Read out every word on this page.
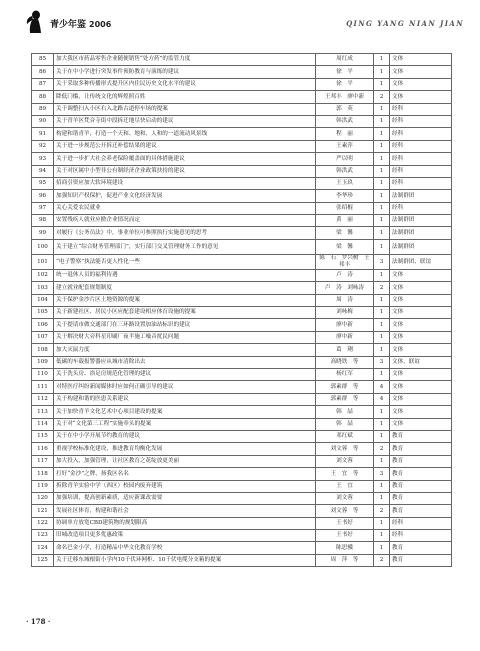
青少年鉴 2006	QING YANG NIAN JIAN
85	加大我区市药品零售企业随便销售“处方药”的监管力度	周红成	1	文体
86	关于在中小学进行突发事件预防教育与演练的建议	徐　平	1	文体
87	关于采取多种传播形式提升区内住民历史文化水平的建议	徐　平	1	文体
88	降低门槛，让传统文化的辉煌照百姓	王邦丰　廖中新	2	文体
89	关于调整扫入小区右入北路古道停车场的提案	郭　英	1	经科
90	关于青羊区梵音寺街中段拆迁地尽快启动的建议	韩洪武	1	经科
91	构建和谐青羊，打造一个天和、地和、人和的一道流动风景线	程　丽	1	经科
92	关于进一步规范公开拆迁补偿结果的建议	王素萍	1	经科
93	关于进一步扩大社会养老保险覆盖面的具体措施建议	严以明	1	经科
94	关于对区属中小型非公有制经济企业政策扶持的建议	韩洪武	1	经科
95	招商引资应加大软环境建设	王玉玖	1	经科
96	加强知识产权保护，促进产业文化经济发展	李华珍	1	法制群团
97	关心关爱农民就业	张绍棍	1	经科
98	安置残疾人就业应掀企业情况而定	黄　丽	1	法制群团
99	对履行《公务员法》中，事业单位可参照执行实施意见的思考	梁　馨	1	法制群团
100	关于建立“综合财务管理部门”，实行部门交叉管理财务工作的意见	梁　馨	1	法制群团
101	“电子警察”执法能否更人性化一些	陈　石　罗兴树　王邦丰	3	法制群团、联谊
102	统一退休人员的福利待遇	卢　涛	1	文体
103	建立就业配套规划制度	卢　涛　刘咏涛	2	文体
104	关于保护金沙片区土地资源的提案	周　涛	1	文体
105	关于新建社区、居民小区应配套建设相应体育设施的提案	刘咏梅	1	文体
106	关于提请市做交通部门在三环路设置加油站标识的建议	廖中新	1	文体
107	关于解决财大旁科星印刷厂夜半施工噪音扰民问题	廖中新	1	文体
108	加大灭鼠力度	葛　琍	1	文体
109	低碳的车载报警器应从城市清除出去	高晓铁　等	3	文体、联谊
110	关于洗头房、浴足房规范化管理的建议	杨红军	1	文体
111	对特医疗纠纷新闻媒体时应如何正确引导的建议	郭素群　等	4	文体
112	关于构建和谐的医患关系建议	郭素群　等	4	文体
113	关于加快青羊文化艺术中心项目建设的提案	韩　喆	1	文体
114	关于对“文化第三工程”实施牵头的提案	韩　喆	1	文体
115	关于在中小学开展节约教育的建议	邓红斌	1	教育
116	重视学校标准化建设，推进教育均衡化发展	刘文蓉　等	2	教育
117	加大投入，加强管理，让社区教育之花绽放更美丽	刘文蓉	1	教育
118	打好“金沙”之牌，扬我区名名	王　宜　等	3	教育
119	拆除青羊实验中学（西区）校园内废弃建筑	王　宜	1	教育
120	加强培训，提高创新素质，适应新课改需要	刘文蓉	1	教育
121	发展社区体育，构建和谐社会	刘文蓉　等	2	教育
122	协调单方放宽CBD建筑物的规划限高	王书好	1	经科
123	旧城改造项目更多优惠政策	王书好	1	经科
124	命名巴金小学，打造精品中华文化教育学校	陈思骥	1	教育
125	关于迁移东城根街小学内10千伏环网柜、10千伏电缆分支箱的提案	周　萍　等	2	教育
· 178 ·
